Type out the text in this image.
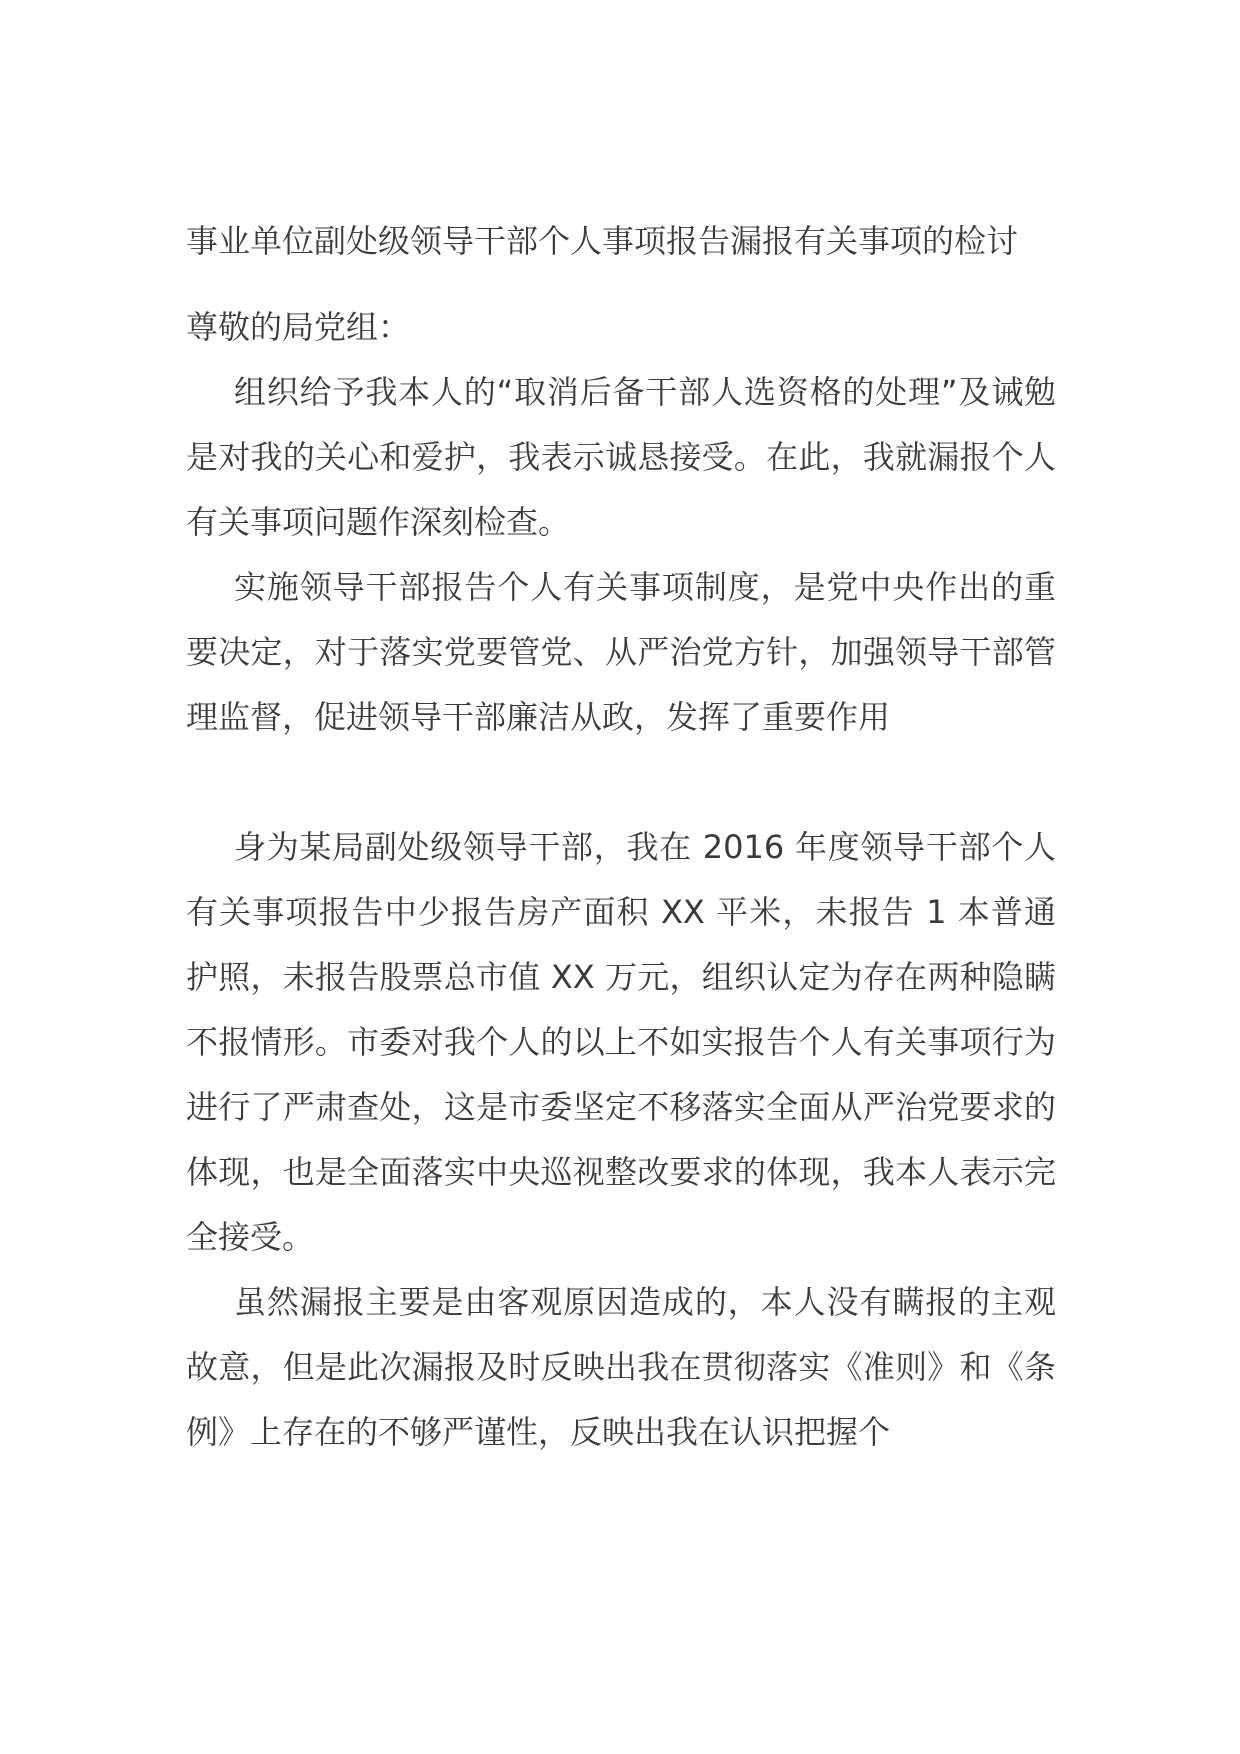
事业单位副处级领导干部个人事项报告漏报有关事项的检讨

尊敬的局党组：

组织给予我本人的“取消后备干部人选资格的处理”及诫勉是对我的关心和爱护，我表示诚恳接受。在此，我就漏报个人有关事项问题作深刻检查。

实施领导干部报告个人有关事项制度，是党中央作出的重要决定，对于落实党要管党、从严治党方针，加强领导干部管理监督，促进领导干部廉洁从政，发挥了重要作用

身为某局副处级领导干部，我在 2016 年度领导干部个人有关事项报告中少报告房产面积 XX 平米，未报告 1 本普通护照，未报告股票总市值 XX 万元，组织认定为存在两种隐瞒不报情形。市委对我个人的以上不如实报告个人有关事项行为进行了严肃查处，这是市委坚定不移落实全面从严治党要求的体现，也是全面落实中央巡视整改要求的体现，我本人表示完全接受。

虽然漏报主要是由客观原因造成的，本人没有瞒报的主观故意，但是此次漏报及时反映出我在贯彻落实《准则》和《条例》上存在的不够严谨性，反映出我在认识把握个
